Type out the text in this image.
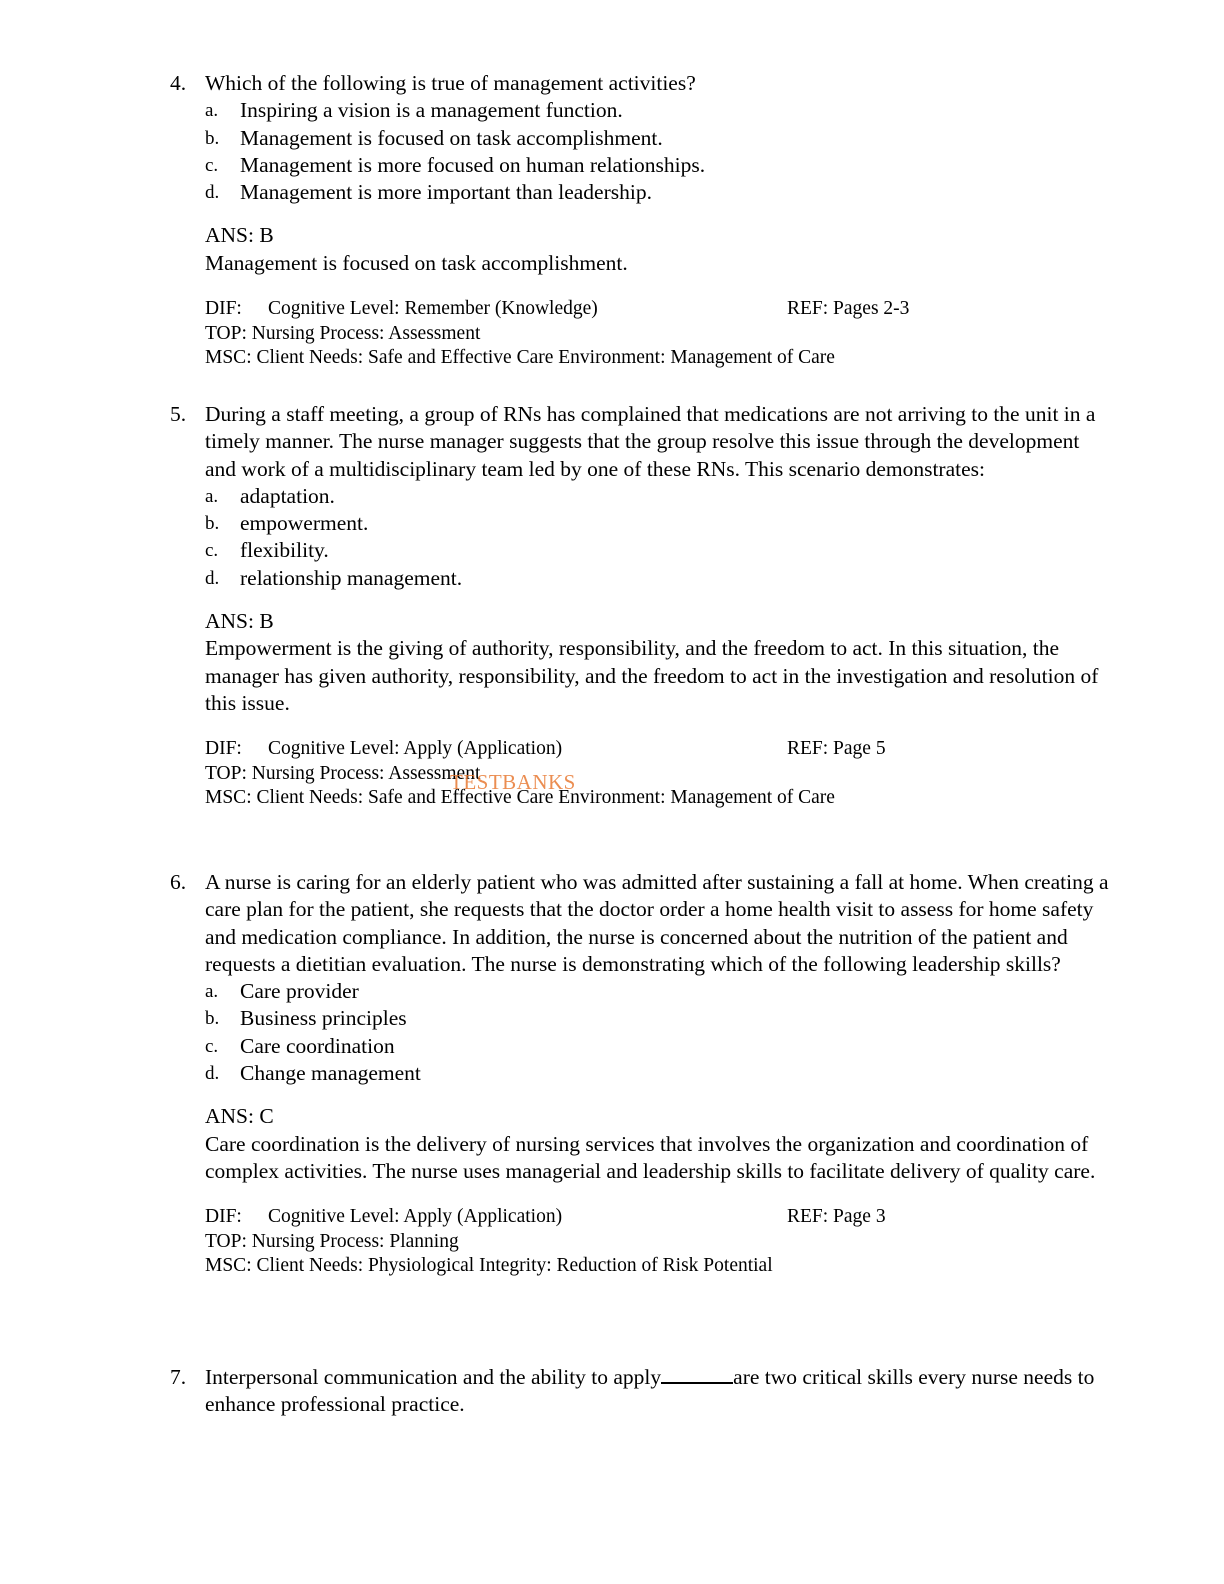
4. Which of the following is true of management activities?
a.	Inspiring a vision is a management function.
b. Management is focused on task accomplishment.
c.	Management is more focused on human relationships.
d. Management is more important than leadership.
ANS: B
Management is focused on task accomplishment.
DIF: Cognitive Level: Remember (Knowledge)	REF: Pages 2-3
TOP: Nursing Process: Assessment
MSC: Client Needs: Safe and Effective Care Environment: Management of Care
5. During a staff meeting, a group of RNs has complained that medications are not arriving to the unit in a timely manner. The nurse manager suggests that the group resolve this issue through the development and work of a multidisciplinary team led by one of these RNs. This scenario demonstrates:
a.	adaptation.
b. empowerment.
c.	flexibility.
d. relationship management.
ANS: B
Empowerment is the giving of authority, responsibility, and the freedom to act. In this situation, the manager has given authority, responsibility, and the freedom to act in the investigation and resolution of this issue.
DIF: Cognitive Level: Apply (Application)	REF: Page 5
TOP: Nursing Process: Assessment
MSC: Client Needs: Safe and Effective Care Environment: Management of Care
6. A nurse is caring for an elderly patient who was admitted after sustaining a fall at home. When creating a care plan for the patient, she requests that the doctor order a home health visit to assess for home safety and medication compliance. In addition, the nurse is concerned about the nutrition of the patient and requests a dietitian evaluation. The nurse is demonstrating which of the following leadership skills?
a.	Care provider
b. Business principles
c.	Care coordination
d. Change management
ANS: C
Care coordination is the delivery of nursing services that involves the organization and coordination of complex activities. The nurse uses managerial and leadership skills to facilitate delivery of quality care.
DIF: Cognitive Level: Apply (Application)	REF: Page 3
TOP: Nursing Process: Planning
MSC: Client Needs: Physiological Integrity: Reduction of Risk Potential
7. Interpersonal communication and the ability to apply	are two critical skills every nurse needs to enhance professional practice.
TESTBANKS
